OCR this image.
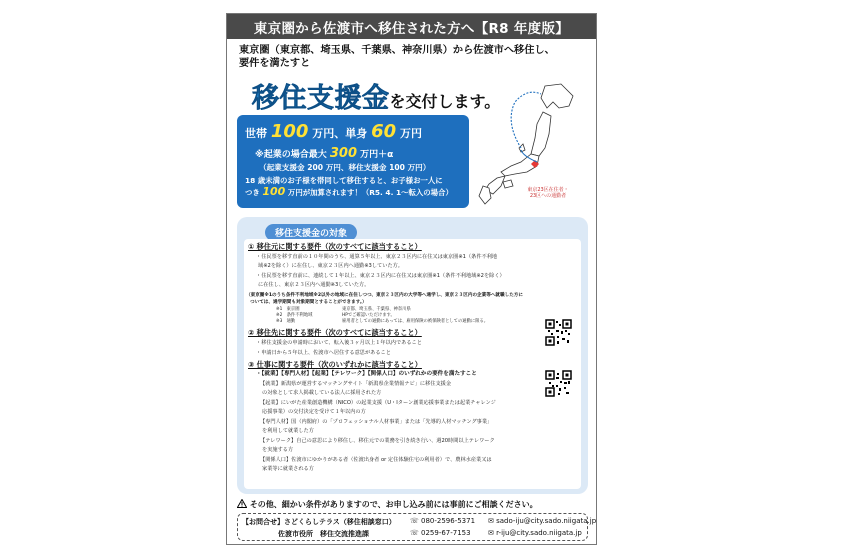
東京圏から佐渡市へ移住された方へ【R8 年度版】
東京圏（東京都、埼玉県、千葉県、神奈川県）から佐渡市へ移住し、
要件を満たすと
移住支援金を交付します。
世帯 100 万円、単身 60 万円
※起業の場合最大 300 万円＋α
（起業支援金 200 万円、移住支援金 100 万円）
18 歳未満のお子様を帯同して移住すると、お子様お一人に
つき 100 万円が加算されます！（R5. 4. 1～転入の場合）	東京23区在住者・
23区への通勤者
移住支援金の対象
① 移住元に関する要件（次のすべてに該当すること）
・住民票を移す直前の１０年間のうち、通算５年以上、東京２３区内に在住又は東京圏※1（条件不利地
域※2を除く）に在住し、東京２３区内へ通勤※3していた方。
・住民票を移す直前に、連続して１年以上、東京２３区内に在住又は東京圏※1（条件不利地域※2を除く）
に在住し、東京２３区内へ通勤※3していた方。
（東京圏※1のうち条件不利地域※2以外の地域に在住しつつ、東京２３区内の大学等へ通学し、東京２３区内の企業等へ就職した方に
ついては、通学期間も対象期間とすることができます。）
※1　東京圏	東京都、埼玉県、千葉県、神奈川県
※2　条件不利地域	HPでご確認いただけます。
※3　通勤	雇用者としての通勤にあっては、雇用保険の被保険者としての通勤に限る。
② 移住先に関する要件（次のすべてに該当すること）
・移住支援金の申請時において、転入後３ヶ月以上１年以内であること
・申請日から５年以上、佐渡市へ居住する意思があること
③ 仕事に関する要件（次のいずれかに該当すること）
・【就業】【専門人材】【起業】【テレワーク】【関係人口】のいずれかの要件を満たすこと
【就業】新潟県が運営するマッチングサイト「新潟県企業情報ナビ」に移住支援金
の対象として求人掲載している法人に採用された方
【起業】にいがた産業創造機構（NICO）の起業支援（U・Iターン創業応援事業または起業チャレンジ
応援事業）の交付決定を受けて１年以内の方
【専門人材】国（内閣府）の「プロフェッショナル人材事業」または「先導的人材マッチング事業」
を利用して就業した方
【テレワーク】自己の意思により移住し、移住元での業務を引き続き行い、週20時間以上テレワーク
を実施する方
【関係人口】佐渡市にゆかりがある者（佐渡出身者 or 定住体験住宅の利用者）で、農林水産業又は
家業等に就業される方
その他、細かい条件がありますので、お申し込み前には事前にご相談ください。
【お問合せ】さどくらしテラス（移住相談窓口） ☏ 080-2596-5371 ✉ sado-iju@city.sado.niigata.jp
佐渡市役所　移住交流推進課	☏ 0259-67-7153 ✉ r-iju@city.sado.niigata.jp
